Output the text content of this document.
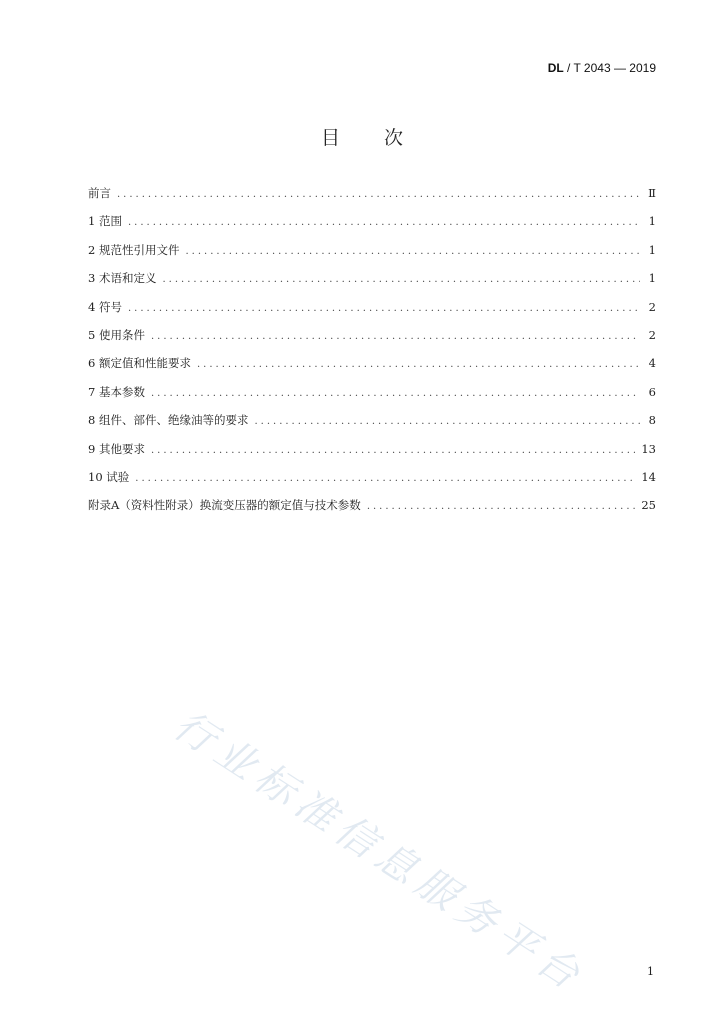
DL / T 2043 — 2019
目次
前言 .....	Ⅱ
1 范围 .....	1
2 规范性引用文件 .....	1
3 术语和定义 .....	1
4 符号 .....	2
5 使用条件 .....	2
6 额定值和性能要求 .....	4
7 基本参数 .....	6
8 组件、部件、绝缘油等的要求 .....	8
9 其他要求 .....	13
10 试验 .....	14
附录A（资料性附录）换流变压器的额定值与技术参数 .....	25
行业标准信息服务平台	1
